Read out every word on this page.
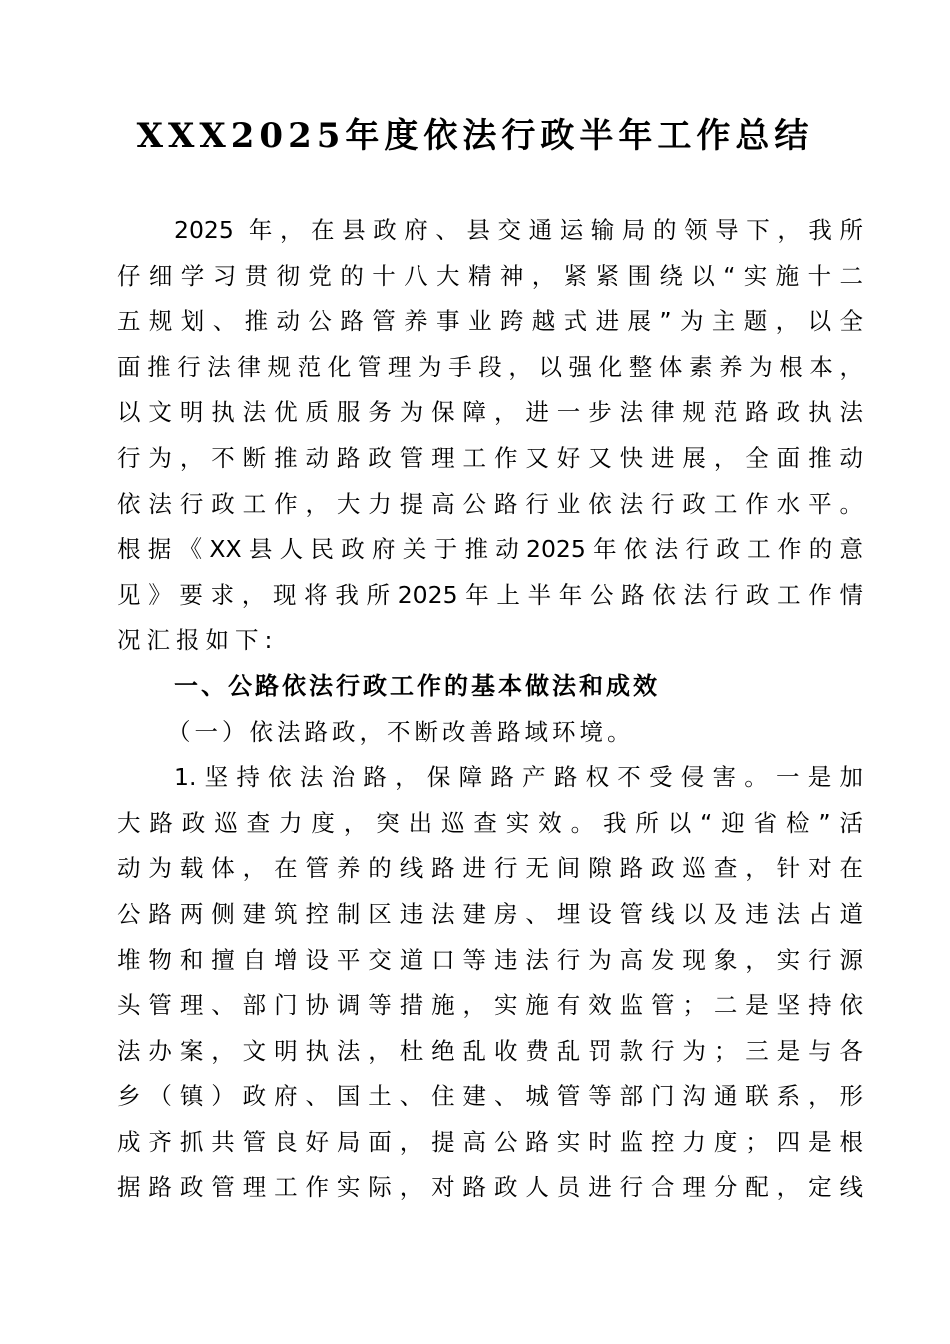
XXX2025年度依法行政半年工作总结
2025 年，在县政府、县交通运输局的领导下，我所
仔细学习贯彻党的十八大精神，紧紧围绕以“实施十二
五规划、推动公路管养事业跨越式进展”为主题，以全
面推行法律规范化管理为手段，以强化整体素养为根本，
以文明执法优质服务为保障，进一步法律规范路政执法
行为，不断推动路政管理工作又好又快进展，全面推动
依法行政工作，大力提高公路行业依法行政工作水平。
根据《XX县人民政府关于推动2025年依法行政工作的意
见》要求，现将我所2025年上半年公路依法行政工作情
况汇报如下:
一、公路依法行政工作的基本做法和成效
（一）依法路政，不断改善路域环境。
1.坚持依法治路，保障路产路权不受侵害。一是加
大路政巡查力度，突出巡查实效。我所以“迎省检”活
动为载体，在管养的线路进行无间隙路政巡查，针对在
公路两侧建筑控制区违法建房、埋设管线以及违法占道
堆物和擅自增设平交道口等违法行为高发现象，实行源
头管理、部门协调等措施，实施有效监管；二是坚持依
法办案，文明执法，杜绝乱收费乱罚款行为；三是与各
乡（镇）政府、国土、住建、城管等部门沟通联系，形
成齐抓共管良好局面，提高公路实时监控力度；四是根
据路政管理工作实际，对路政人员进行合理分配，定线
